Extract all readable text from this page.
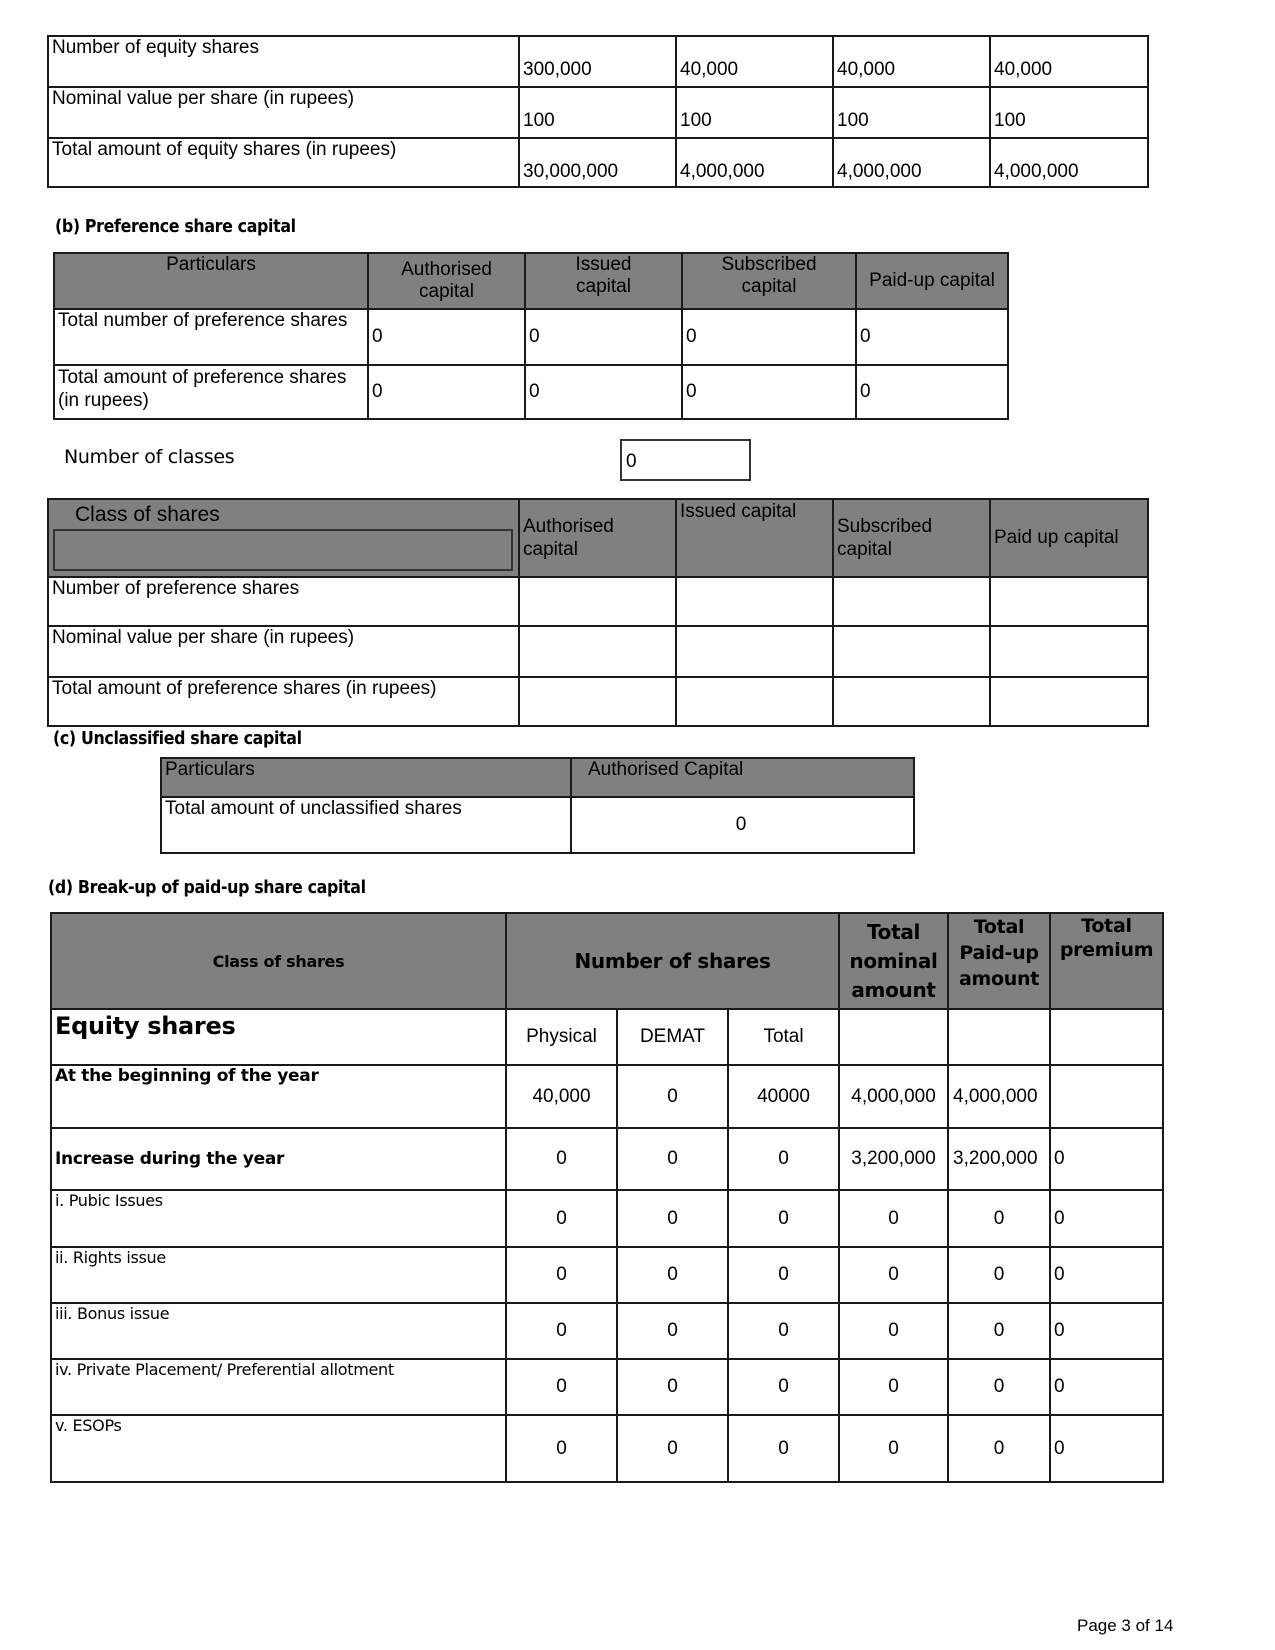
Number of equity shares	300,000	40,000	40,000	40,000
Nominal value per share (in rupees)	100	100	100	100
Total amount of equity shares (in rupees)	30,000,000	4,000,000	4,000,000	4,000,000
(b) Preference share capital
Particulars	Authorised capital	Issued capital	Subscribed capital	Paid-up capital
Total number of preference shares	0	0	0	0
Total amount of preference shares (in rupees)	0	0	0	0
Number of classes	0
Class of shares	Authorised capital	Issued capital	Subscribed capital	Paid up capital
Number of preference shares				
Nominal value per share (in rupees)				
Total amount of preference shares (in rupees)				
(c) Unclassified share capital
Particulars	Authorised Capital
Total amount of unclassified shares	0
(d) Break-up of paid-up share capital
Class of shares	Number of shares			Total nominal amount	Total Paid-up amount	Total premium
Equity shares	Physical	DEMAT	Total			
At the beginning of the year	40,000	0	40000	4,000,000	4,000,000	
Increase during the year	0	0	0	3,200,000	3,200,000	0
i. Pubic Issues	0	0	0	0	0	0
ii. Rights issue	0	0	0	0	0	0
iii. Bonus issue	0	0	0	0	0	0
iv. Private Placement/ Preferential allotment	0	0	0	0	0	0
v. ESOPs	0	0	0	0	0	0
Page 3 of 14
